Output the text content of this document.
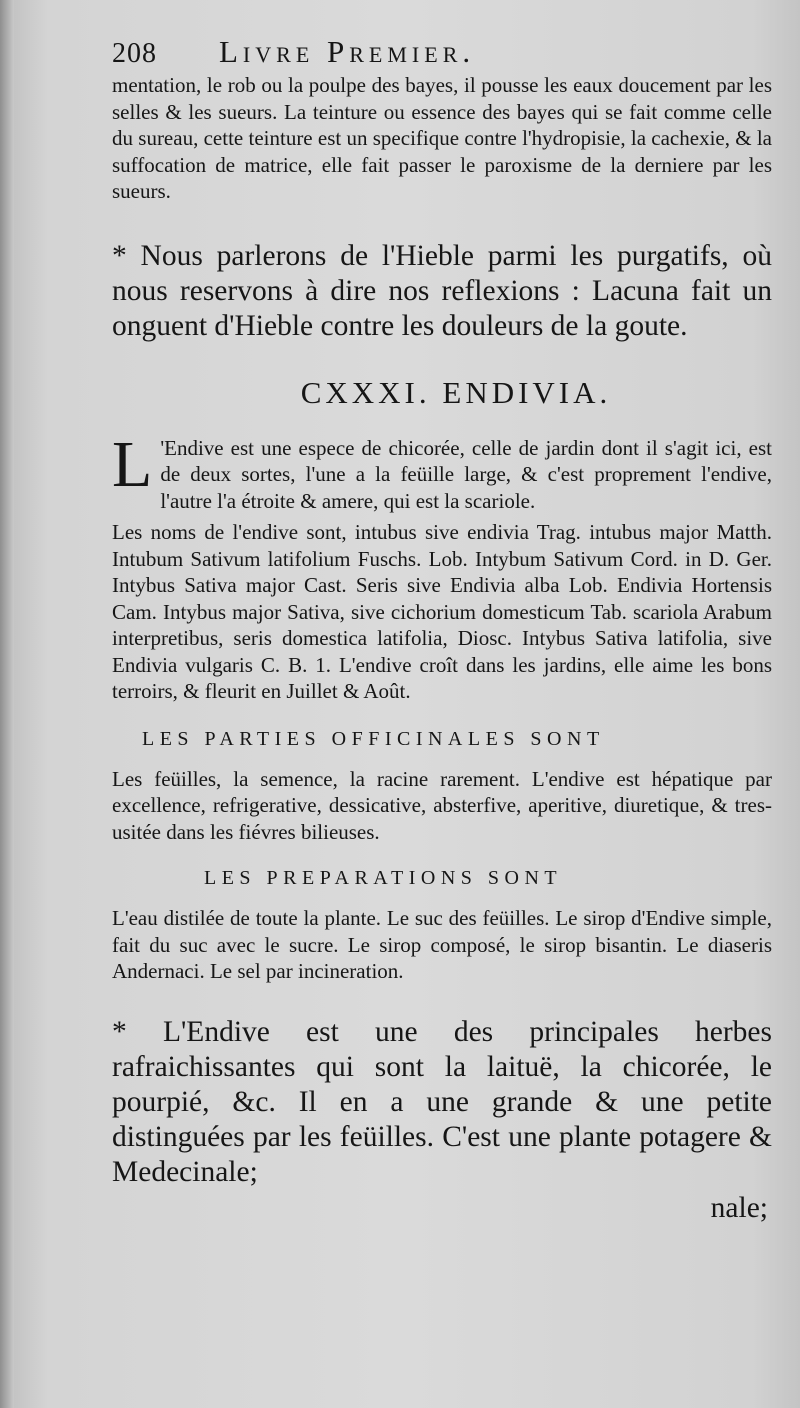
208 Livre Premier.

mentation, le rob ou la poulpe des bayes, il pousse les eaux doucement par les selles & les sueurs. La teinture ou essence des bayes qui se fait comme celle du sureau, cette teinture est un specifique contre l'hydropisie, la cachexie, & la suffocation de matrice, elle fait passer le paroxisme de la derniere par les sueurs.

* Nous parlerons de l'Hieble parmi les purgatifs, où nous reservons à dire nos reflexions : Lacuna fait un onguent d'Hieble contre les douleurs de la goute.

CXXXI. ENDIVIA.

L 'Endive est une espece de chicorée, celle de jardin dont il s'agit ici, est de deux sortes, l'une a la feüille large, & c'est proprement l'endive, l'autre l'a étroite & amere, qui est la scariole.

Les noms de l'endive sont, intubus sive endivia Trag. intubus major Matth. Intubum Sativum latifolium Fuschs. Lob. Intybum Sativum Cord. in D. Ger. Intybus Sativa major Cast. Seris sive Endivia alba Lob. Endivia Hortensis Cam. Intybus major Sativa, sive cichorium domesticum Tab. scariola Arabum interpretibus, seris domestica latifolia, Diosc. Intybus Sativa latifolia, sive Endivia vulgaris C. B. 1. L'endive croît dans les jardins, elle aime les bons terroirs, & fleurit en Juillet & Août.

LES PARTIES OFFICINALES SONT

Les feüilles, la semence, la racine rarement. L'endive est hépatique par excellence, refrigerative, dessicative, absterfive, aperitive, diuretique, & tres-usitée dans les fiévres bilieuses.

LES PREPARATIONS SONT

L'eau distilée de toute la plante. Le suc des feüilles. Le sirop d'Endive simple, fait du suc avec le sucre. Le sirop composé, le sirop bisantin. Le diaseris Andernaci. Le sel par incineration.

* L'Endive est une des principales herbes rafraichissantes qui sont la laituë, la chicorée, le pourpié, &c. Il en a une grande & une petite distinguées par les feüilles. C'est une plante potagere & Medecinale;

nale;
